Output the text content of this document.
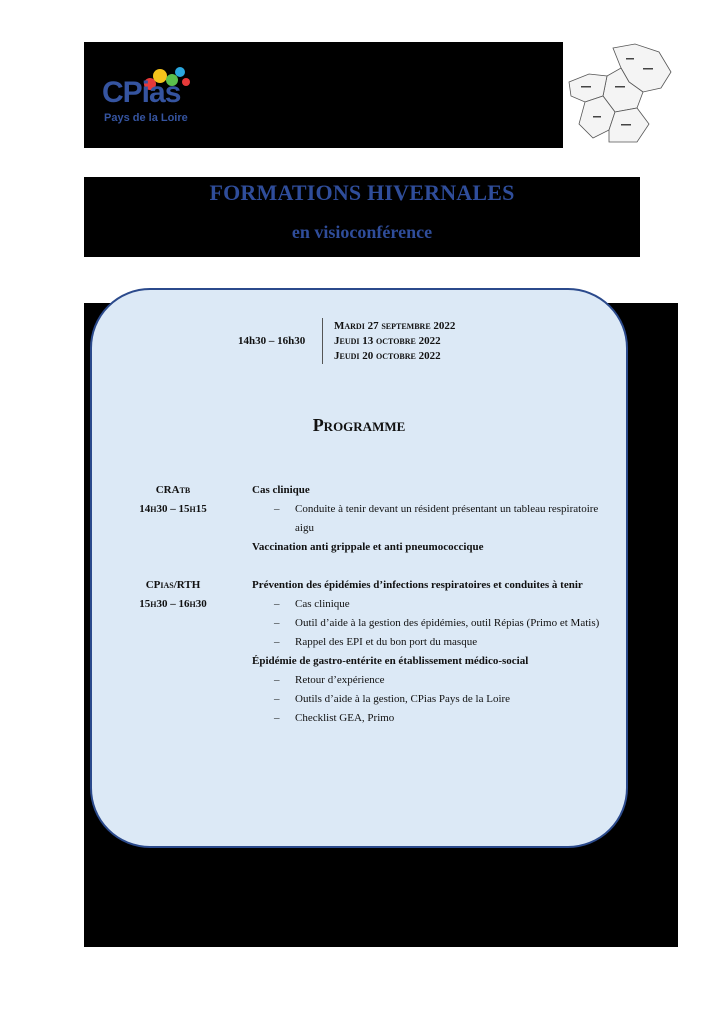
CPias
Pays de la Loire
FORMATIONS HIVERNALES
en visioconférence
14h30 – 16h30
Mardi 27 septembre 2022
Jeudi 13 octobre 2022
Jeudi 20 octobre 2022
Programme
CRAtb
14h30 – 15h15
Cas clinique
– Conduite à tenir devant un résident présentant un tableau respiratoire aigu
Vaccination anti grippale et anti pneumococcique
CPias/RTH
15h30 – 16h30
Prévention des épidémies d’infections respiratoires et conduites à tenir
– Cas clinique
– Outil d’aide à la gestion des épidémies, outil Répias (Primo et Matis)
– Rappel des EPI et du bon port du masque
Épidémie de gastro-entérite en établissement médico-social
– Retour d’expérience
– Outils d’aide à la gestion, CPias Pays de la Loire
– Checklist GEA, Primo
